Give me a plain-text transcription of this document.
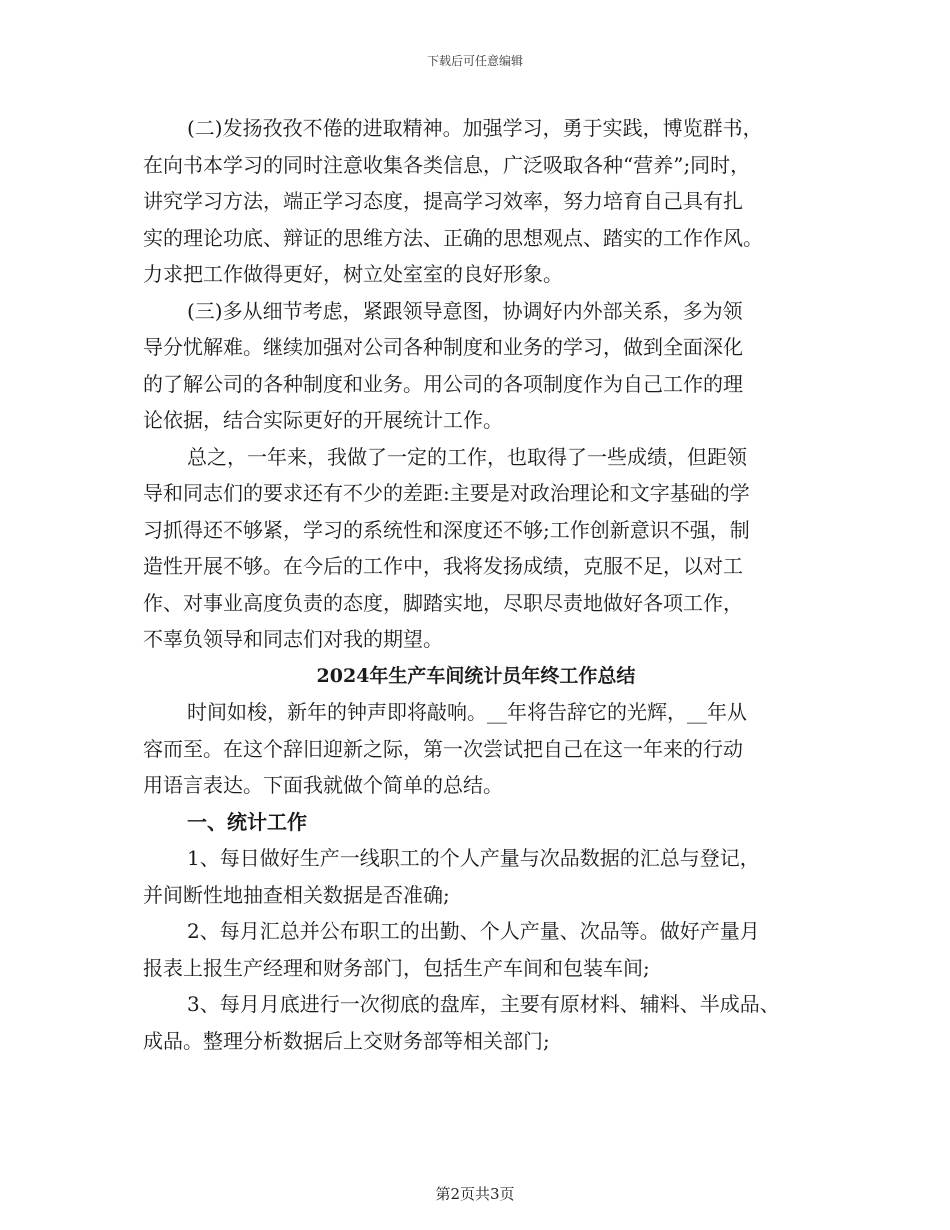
下载后可任意编辑
(二)发扬孜孜不倦的进取精神。加强学习，勇于实践，博览群书，
在向书本学习的同时注意收集各类信息，广泛吸取各种“营养”;同时，
讲究学习方法，端正学习态度，提高学习效率，努力培育自己具有扎
实的理论功底、辩证的思维方法、正确的思想观点、踏实的工作作风。
力求把工作做得更好，树立处室室的良好形象。
(三)多从细节考虑，紧跟领导意图，协调好内外部关系，多为领
导分忧解难。继续加强对公司各种制度和业务的学习，做到全面深化
的了解公司的各种制度和业务。用公司的各项制度作为自己工作的理
论依据，结合实际更好的开展统计工作。
总之，一年来，我做了一定的工作，也取得了一些成绩，但距领
导和同志们的要求还有不少的差距:主要是对政治理论和文字基础的学
习抓得还不够紧，学习的系统性和深度还不够;工作创新意识不强，制
造性开展不够。在今后的工作中，我将发扬成绩，克服不足，以对工
作、对事业高度负责的态度，脚踏实地，尽职尽责地做好各项工作，
不辜负领导和同志们对我的期望。
2024年生产车间统计员年终工作总结
时间如梭，新年的钟声即将敲响。__年将告辞它的光辉，__年从
容而至。在这个辞旧迎新之际，第一次尝试把自己在这一年来的行动
用语言表达。下面我就做个简单的总结。
一、统计工作
1、每日做好生产一线职工的个人产量与次品数据的汇总与登记，
并间断性地抽查相关数据是否准确;
2、每月汇总并公布职工的出勤、个人产量、次品等。做好产量月
报表上报生产经理和财务部门，包括生产车间和包装车间;
3、每月月底进行一次彻底的盘库，主要有原材料、辅料、半成品、
成品。整理分析数据后上交财务部等相关部门;
第2页共3页
